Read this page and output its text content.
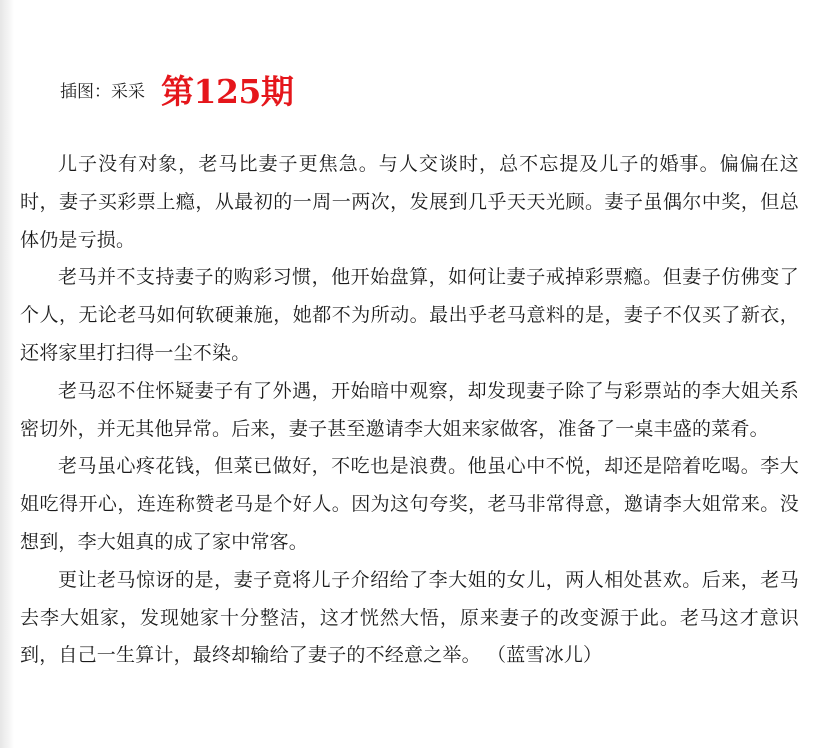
插图：采采 第125期

儿子没有对象，老马比妻子更焦急。与人交谈时，总不忘提及儿子的婚事。偏偏在这时，妻子买彩票上瘾，从最初的一周一两次，发展到几乎天天光顾。妻子虽偶尔中奖，但总体仍是亏损。

老马并不支持妻子的购彩习惯，他开始盘算，如何让妻子戒掉彩票瘾。但妻子仿佛变了个人，无论老马如何软硬兼施，她都不为所动。最出乎老马意料的是，妻子不仅买了新衣，还将家里打扫得一尘不染。

老马忍不住怀疑妻子有了外遇，开始暗中观察，却发现妻子除了与彩票站的李大姐关系密切外，并无其他异常。后来，妻子甚至邀请李大姐来家做客，准备了一桌丰盛的菜肴。

老马虽心疼花钱，但菜已做好，不吃也是浪费。他虽心中不悦，却还是陪着吃喝。李大姐吃得开心，连连称赞老马是个好人。因为这句夸奖，老马非常得意，邀请李大姐常来。没想到，李大姐真的成了家中常客。

更让老马惊讶的是，妻子竟将儿子介绍给了李大姐的女儿，两人相处甚欢。后来，老马去李大姐家，发现她家十分整洁，这才恍然大悟，原来妻子的改变源于此。老马这才意识到，自己一生算计，最终却输给了妻子的不经意之举。 （蓝雪冰儿）
